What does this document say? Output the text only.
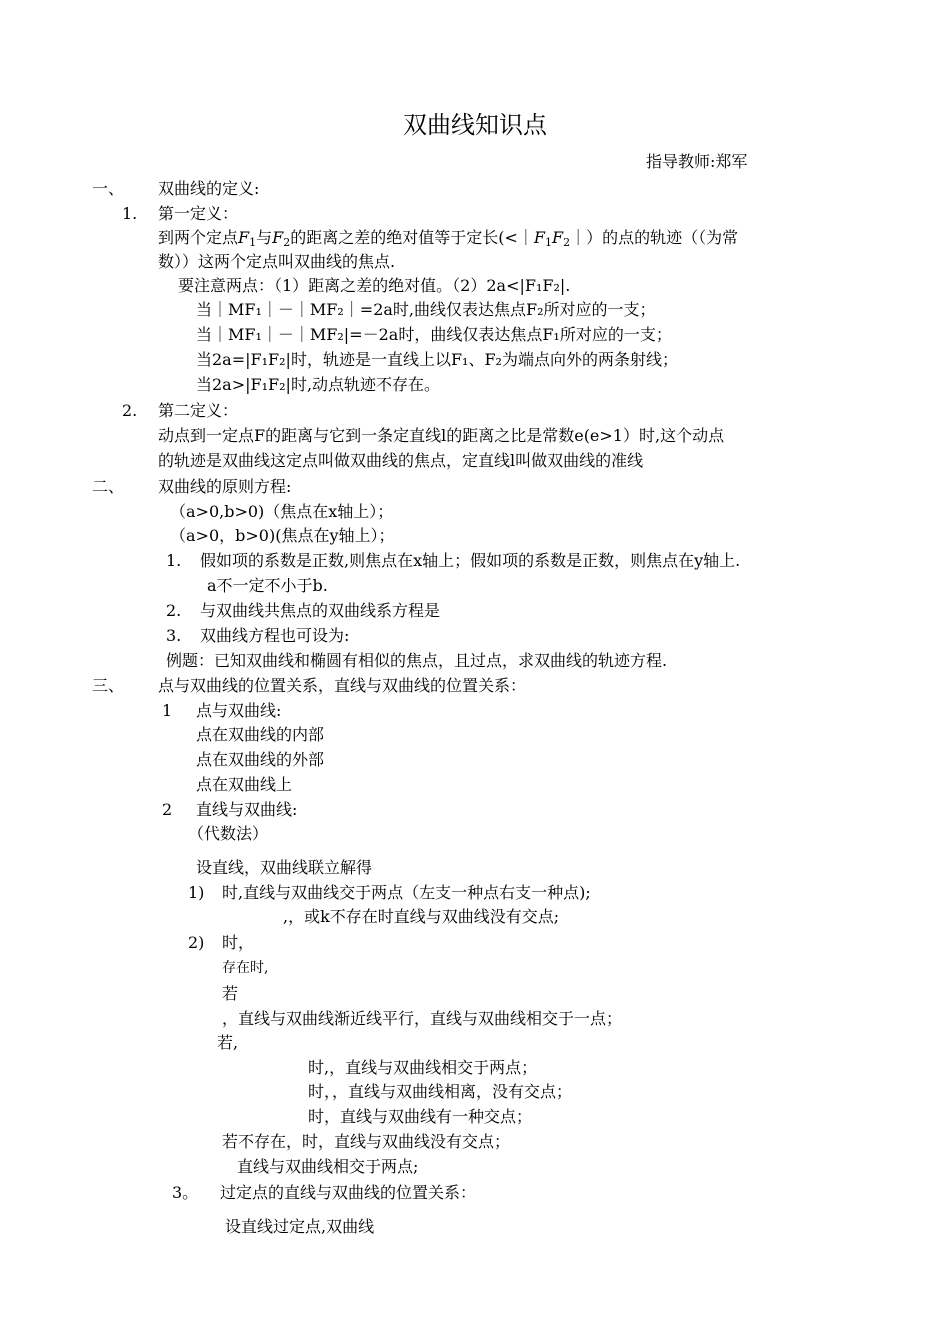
双曲线知识点
指导教师:郑军
一、 双曲线的定义:
1. 第一定义：
到两个定点$F_1$与$F_2$的距离之差的绝对值等于定长$(<|F_1F_2|)$的点的轨迹（（为常
数））这两个定点叫双曲线的焦点.
要注意两点：（1）距离之差的绝对值。（2）2a<|F₁F₂|.
当｜MF₁｜－｜MF₂｜=2a时,曲线仅表达焦点F₂所对应的一支；
当｜MF₁｜－｜MF₂|=－2a时，曲线仅表达焦点F₁所对应的一支；
当2a=|F₁F₂|时，轨迹是一直线上以F₁、F₂为端点向外的两条射线；
当2a>|F₁F₂|时,动点轨迹不存在。
2. 第二定义：
动点到一定点F的距离与它到一条定直线l的距离之比是常数e(e>1）时,这个动点
的轨迹是双曲线这定点叫做双曲线的焦点，定直线l叫做双曲线的准线
二、 双曲线的原则方程:
（a>0,b>0)（焦点在x轴上）；
（a>0，b>0)(焦点在y轴上）；
1. 假如项的系数是正数,则焦点在x轴上；假如项的系数是正数，则焦点在y轴上.
a不一定不小于b.
2. 与双曲线共焦点的双曲线系方程是
3. 双曲线方程也可设为:
例题：已知双曲线和椭圆有相似的焦点，且过点，求双曲线的轨迹方程.
三、 点与双曲线的位置关系，直线与双曲线的位置关系：
1 点与双曲线:
点在双曲线的内部
点在双曲线的外部
点在双曲线上
2 直线与双曲线:
（代数法）
设直线，双曲线联立解得
1) 时,直线与双曲线交于两点（左支一种点右支一种点);
,，或k不存在时直线与双曲线没有交点;
2) 时，
存在时,
若
，直线与双曲线渐近线平行，直线与双曲线相交于一点；
若,
时,，直线与双曲线相交于两点；
时，，直线与双曲线相离，没有交点；
时，直线与双曲线有一种交点；
若不存在，时，直线与双曲线没有交点；
直线与双曲线相交于两点;
3。 过定点的直线与双曲线的位置关系：
设直线过定点,双曲线
